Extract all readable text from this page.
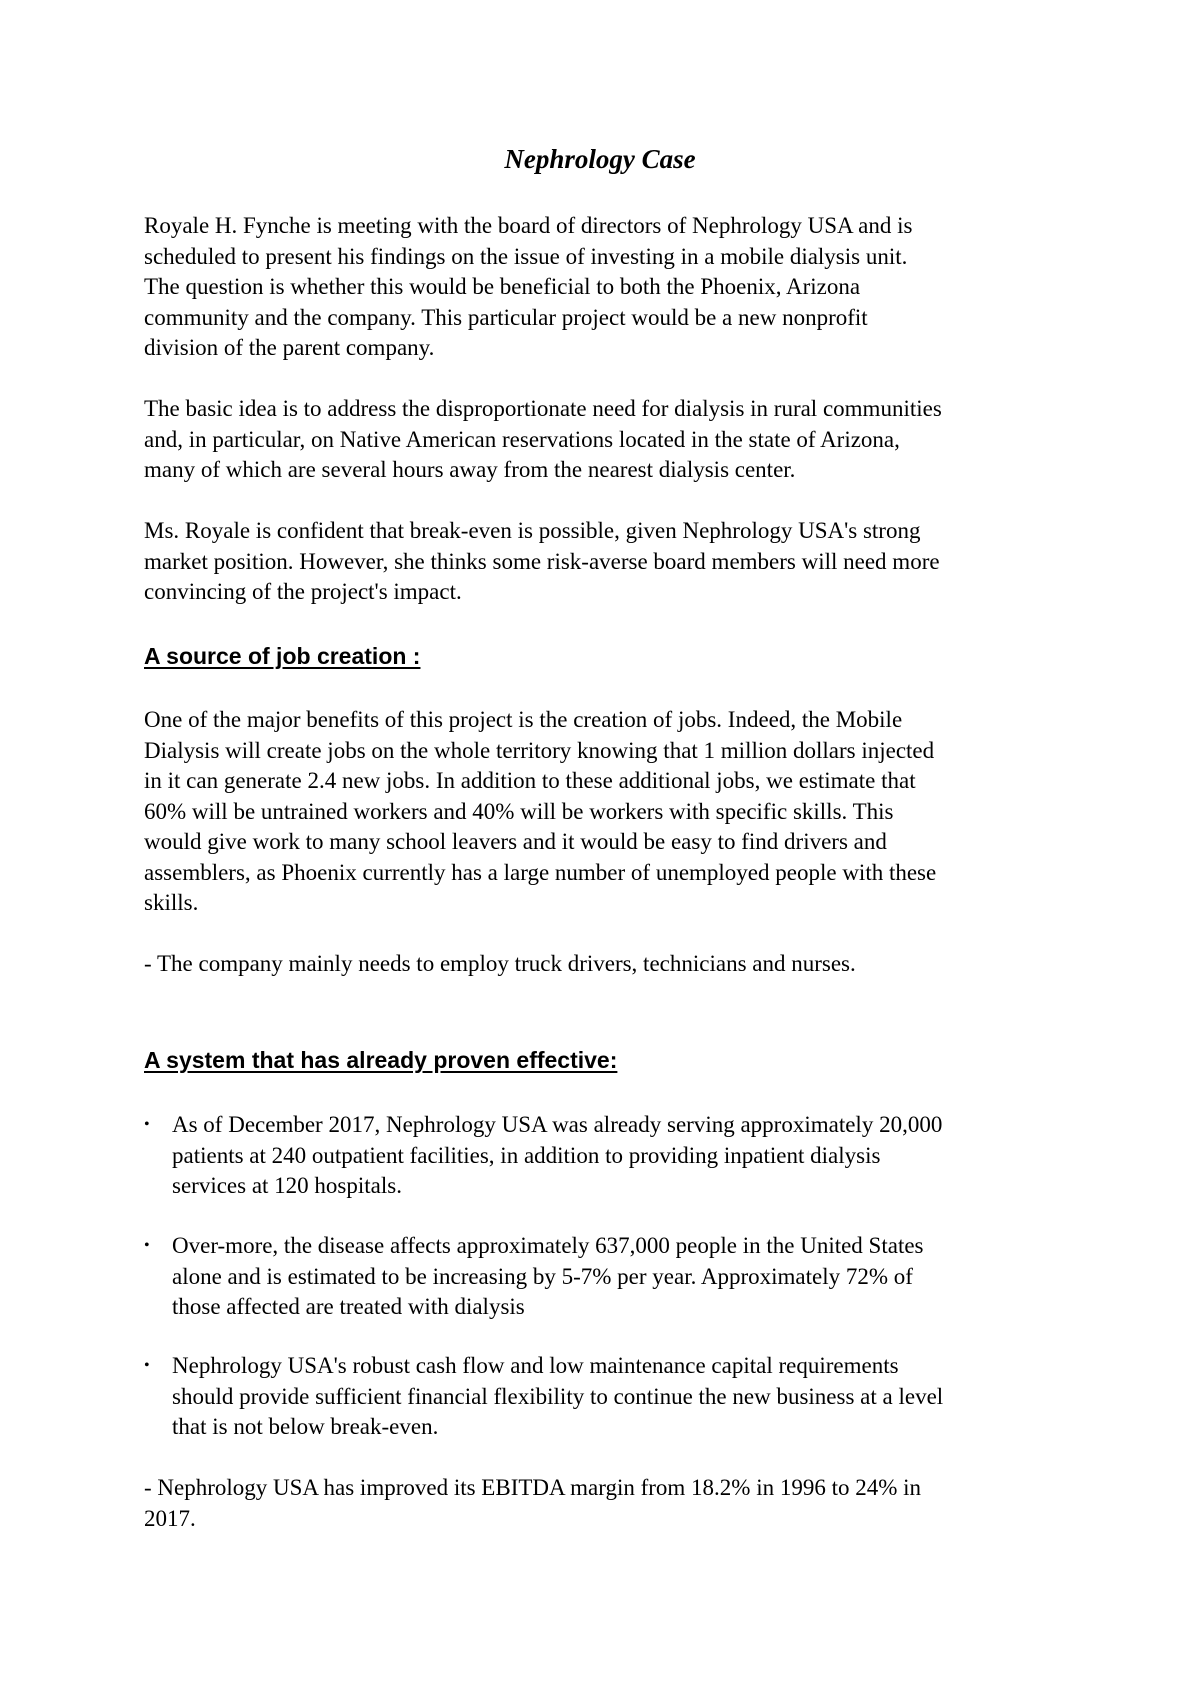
Nephrology Case

Royale H. Fynche is meeting with the board of directors of Nephrology USA and is
scheduled to present his findings on the issue of investing in a mobile dialysis unit.
The question is whether this would be beneficial to both the Phoenix, Arizona
community and the company. This particular project would be a new nonprofit
division of the parent company.

The basic idea is to address the disproportionate need for dialysis in rural communities
and, in particular, on Native American reservations located in the state of Arizona,
many of which are several hours away from the nearest dialysis center.

Ms. Royale is confident that break-even is possible, given Nephrology USA's strong
market position. However, she thinks some risk-averse board members will need more
convincing of the project's impact.

A source of job creation :

One of the major benefits of this project is the creation of jobs. Indeed, the Mobile
Dialysis will create jobs on the whole territory knowing that 1 million dollars injected
in it can generate 2.4 new jobs. In addition to these additional jobs, we estimate that
60% will be untrained workers and 40% will be workers with specific skills. This
would give work to many school leavers and it would be easy to find drivers and
assemblers, as Phoenix currently has a large number of unemployed people with these
skills.

- The company mainly needs to employ truck drivers, technicians and nurses.

A system that has already proven effective:
• As of December 2017, Nephrology USA was already serving approximately 20,000
patients at 240 outpatient facilities, in addition to providing inpatient dialysis
services at 120 hospitals.
• Over-more, the disease affects approximately 637,000 people in the United States
alone and is estimated to be increasing by 5-7% per year. Approximately 72% of
those affected are treated with dialysis
• Nephrology USA's robust cash flow and low maintenance capital requirements
should provide sufficient financial flexibility to continue the new business at a level
that is not below break-even.

- Nephrology USA has improved its EBITDA margin from 18.2% in 1996 to 24% in
2017.
